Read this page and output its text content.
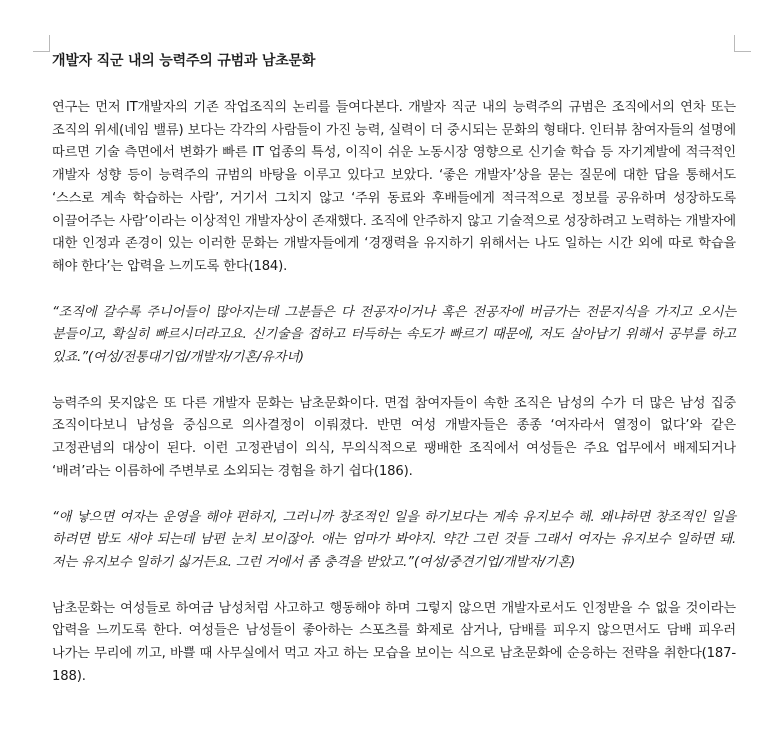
개발자 직군 내의 능력주의 규범과 남초문화

연구는 먼저 IT개발자의 기존 작업조직의 논리를 들여다본다. 개발자 직군 내의 능력주의 규범은 조직에서의 연차 또는 조직의 위세(네임 밸류) 보다는 각각의 사람들이 가진 능력, 실력이 더 중시되는 문화의 형태다. 인터뷰 참여자들의 설명에 따르면 기술 측면에서 변화가 빠른 IT 업종의 특성, 이직이 쉬운 노동시장 영향으로 신기술 학습 등 자기계발에 적극적인 개발자 성향 등이 능력주의 규범의 바탕을 이루고 있다고 보았다. ‘좋은 개발자’상을 묻는 질문에 대한 답을 통해서도 ‘스스로 계속 학습하는 사람’, 거기서 그치지 않고 ‘주위 동료와 후배들에게 적극적으로 정보를 공유하며 성장하도록 이끌어주는 사람’이라는 이상적인 개발자상이 존재했다. 조직에 안주하지 않고 기술적으로 성장하려고 노력하는 개발자에 대한 인정과 존경이 있는 이러한 문화는 개발자들에게 ‘경쟁력을 유지하기 위해서는 나도 일하는 시간 외에 따로 학습을 해야 한다’는 압력을 느끼도록 한다(184).

“조직에 갈수록 주니어들이 많아지는데 그분들은 다 전공자이거나 혹은 전공자에 버금가는 전문지식을 가지고 오시는 분들이고, 확실히 빠르시더라고요. 신기술을 접하고 터득하는 속도가 빠르기 때문에, 저도 살아남기 위해서 공부를 하고 있죠.”(여성/전통대기업/개발자/기혼/유자녀)

능력주의 못지않은 또 다른 개발자 문화는 남초문화이다. 면접 참여자들이 속한 조직은 남성의 수가 더 많은 남성 집중 조직이다보니 남성을 중심으로 의사결정이 이뤄졌다. 반면 여성 개발자들은 종종 ‘여자라서 열정이 없다’와 같은 고정관념의 대상이 된다. 이런 고정관념이 의식, 무의식적으로 팽배한 조직에서 여성들은 주요 업무에서 배제되거나 ‘배려’라는 이름하에 주변부로 소외되는 경험을 하기 쉽다(186).

“애 낳으면 여자는 운영을 해야 편하지, 그러니까 창조적인 일을 하기보다는 계속 유지보수 해. 왜냐하면 창조적인 일을 하려면 밤도 새야 되는데 남편 눈치 보이잖아. 애는 엄마가 봐야지. 약간 그런 것들 그래서 여자는 유지보수 일하면 돼. 저는 유지보수 일하기 싫거든요. 그런 거에서 좀 충격을 받았고.”(여성/중견기업/개발자/기혼)

남초문화는 여성들로 하여금 남성처럼 사고하고 행동해야 하며 그렇지 않으면 개발자로서도 인정받을 수 없을 것이라는 압력을 느끼도록 한다. 여성들은 남성들이 좋아하는 스포츠를 화제로 삼거나, 담배를 피우지 않으면서도 담배 피우러 나가는 무리에 끼고, 바쁠 때 사무실에서 먹고 자고 하는 모습을 보이는 식으로 남초문화에 순응하는 전략을 취한다(187-188).
